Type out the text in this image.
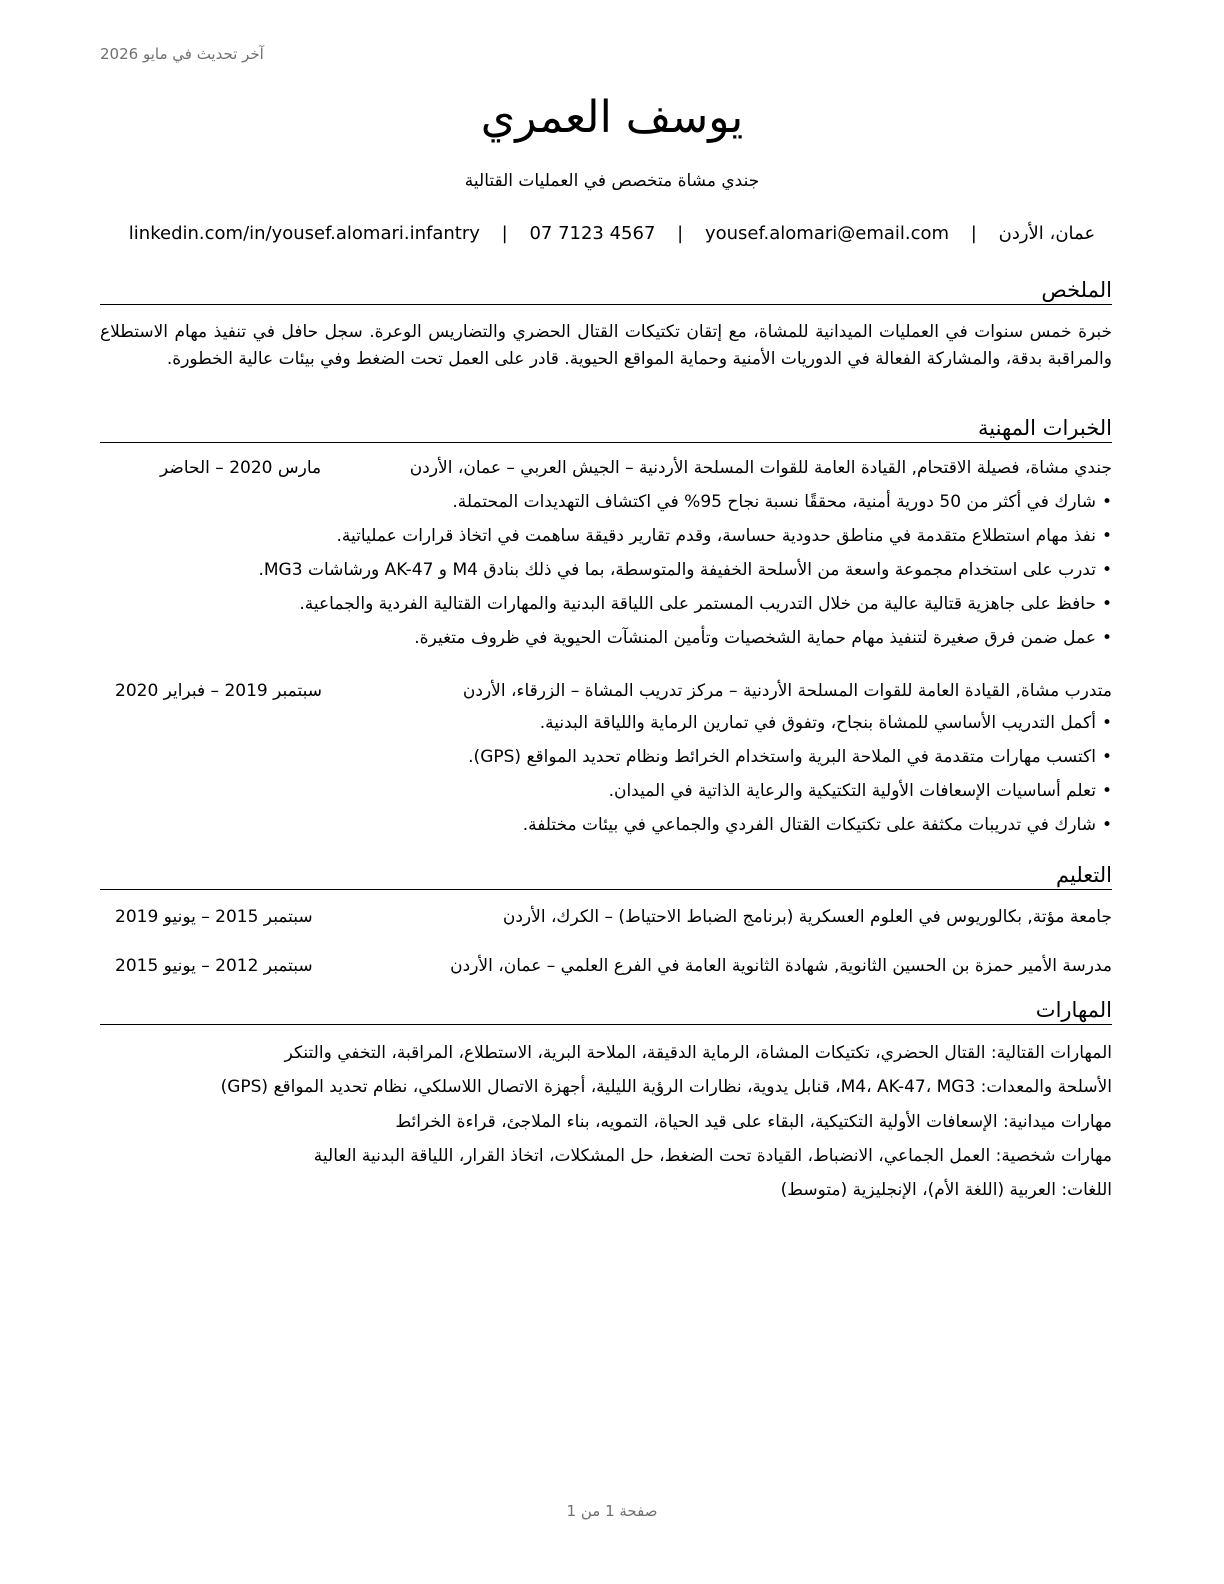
آخر تحديث في مايو 2026
يوسف العمري
جندي مشاة متخصص في العمليات القتالية
عمان، الأردن | yousef.alomari@email.com | 07 7123 4567 | linkedin.com/in/yousef.alomari.infantry
الملخص
خبرة خمس سنوات في العمليات الميدانية للمشاة، مع إتقان تكتيكات القتال الحضري والتضاريس الوعرة. سجل حافل في تنفيذ مهام الاستطلاع والمراقبة بدقة، والمشاركة الفعالة في الدوريات الأمنية وحماية المواقع الحيوية. قادر على العمل تحت الضغط وفي بيئات عالية الخطورة.
الخبرات المهنية
جندي مشاة، فصيلة الاقتحام, القيادة العامة للقوات المسلحة الأردنية – الجيش العربي – عمان، الأردن
مارس 2020 – الحاضر
•شارك في أكثر من 50 دورية أمنية، محققًا نسبة نجاح 95% في اكتشاف التهديدات المحتملة.
•نفذ مهام استطلاع متقدمة في مناطق حدودية حساسة، وقدم تقارير دقيقة ساهمت في اتخاذ قرارات عملياتية.
•تدرب على استخدام مجموعة واسعة من الأسلحة الخفيفة والمتوسطة، بما في ذلك بنادق M4 و AK-47 ورشاشات MG3.
•حافظ على جاهزية قتالية عالية من خلال التدريب المستمر على اللياقة البدنية والمهارات القتالية الفردية والجماعية.
•عمل ضمن فرق صغيرة لتنفيذ مهام حماية الشخصيات وتأمين المنشآت الحيوية في ظروف متغيرة.
متدرب مشاة, القيادة العامة للقوات المسلحة الأردنية – مركز تدريب المشاة – الزرقاء، الأردن
سبتمبر 2019 – فبراير 2020
•أكمل التدريب الأساسي للمشاة بنجاح، وتفوق في تمارين الرماية واللياقة البدنية.
•اكتسب مهارات متقدمة في الملاحة البرية واستخدام الخرائط ونظام تحديد المواقع (GPS).
•تعلم أساسيات الإسعافات الأولية التكتيكية والرعاية الذاتية في الميدان.
•شارك في تدريبات مكثفة على تكتيكات القتال الفردي والجماعي في بيئات مختلفة.
التعليم
جامعة مؤتة, بكالوريوس في العلوم العسكرية (برنامج الضباط الاحتياط) – الكرك، الأردن
سبتمبر 2015 – يونيو 2019
مدرسة الأمير حمزة بن الحسين الثانوية, شهادة الثانوية العامة في الفرع العلمي – عمان، الأردن
سبتمبر 2012 – يونيو 2015
المهارات
المهارات القتالية: القتال الحضري، تكتيكات المشاة، الرماية الدقيقة، الملاحة البرية، الاستطلاع، المراقبة، التخفي والتنكر
الأسلحة والمعدات: M4، AK-47، MG3، قنابل يدوية، نظارات الرؤية الليلية، أجهزة الاتصال اللاسلكي، نظام تحديد المواقع (GPS)
مهارات ميدانية: الإسعافات الأولية التكتيكية، البقاء على قيد الحياة، التمويه، بناء الملاجئ، قراءة الخرائط
مهارات شخصية: العمل الجماعي، الانضباط، القيادة تحت الضغط، حل المشكلات، اتخاذ القرار، اللياقة البدنية العالية
اللغات: العربية (اللغة الأم)، الإنجليزية (متوسط)
صفحة 1 من 1
